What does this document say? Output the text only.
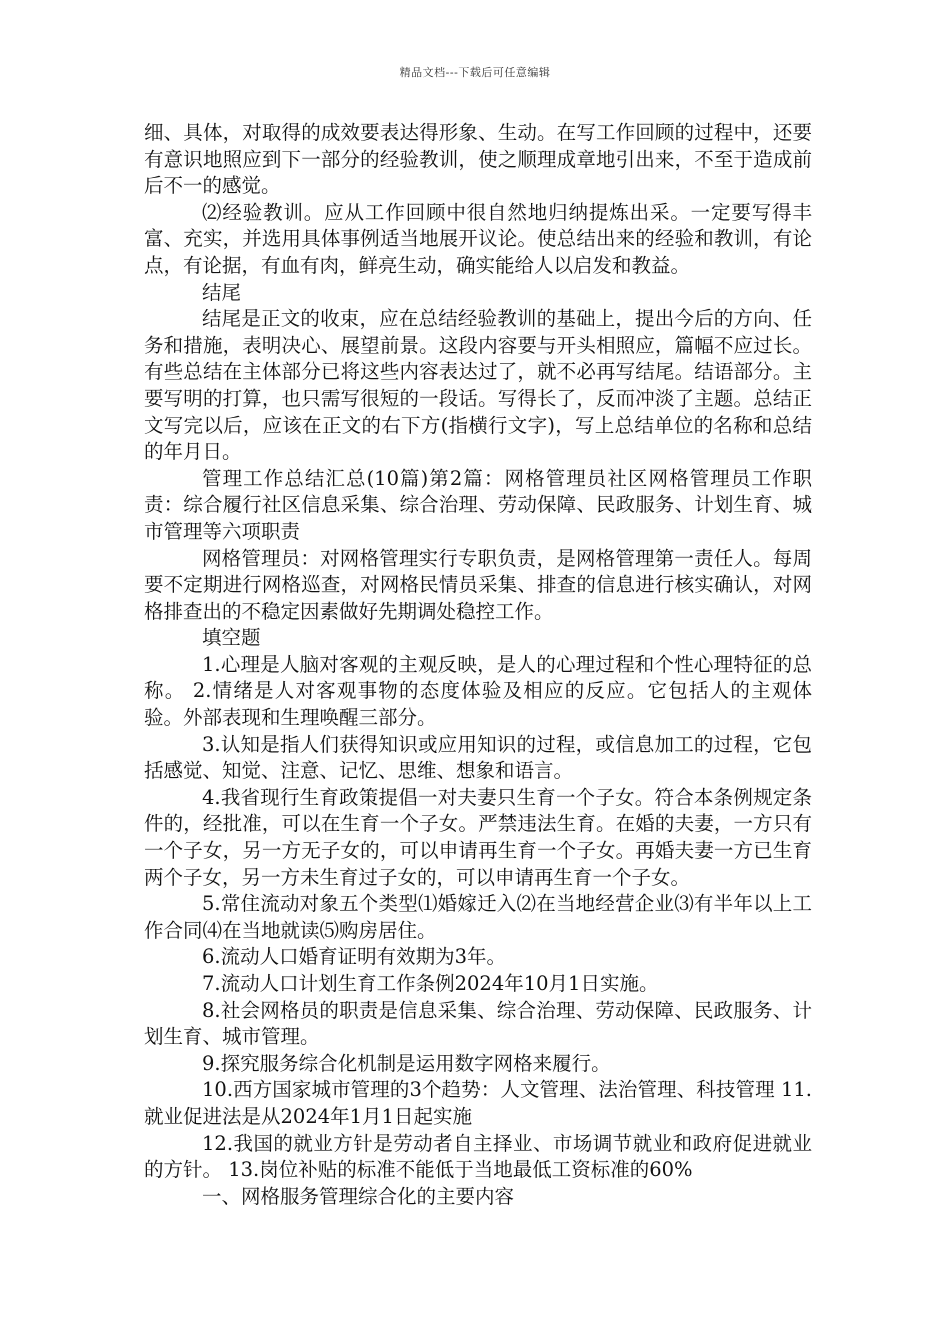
精品文档---下载后可任意编辑

细、具体，对取得的成效要表达得形象、生动。在写工作回顾的过程中，还要有意识地照应到下一部分的经验教训，使之顺理成章地引出来，不至于造成前后不一的感觉。

⑵经验教训。应从工作回顾中很自然地归纳提炼出采。一定要写得丰富、充实，并选用具体事例适当地展开议论。使总结出来的经验和教训，有论点，有论据，有血有肉，鲜亮生动，确实能给人以启发和教益。

结尾

结尾是正文的收束，应在总结经验教训的基础上，提出今后的方向、任务和措施，表明决心、展望前景。这段内容要与开头相照应，篇幅不应过长。有些总结在主体部分已将这些内容表达过了，就不必再写结尾。结语部分。主要写明的打算，也只需写很短的一段话。写得长了，反而冲淡了主题。总结正文写完以后，应该在正文的右下方(指横行文字)，写上总结单位的名称和总结的年月日。

管理工作总结汇总(10篇)第2篇：网格管理员社区网格管理员工作职责：综合履行社区信息采集、综合治理、劳动保障、民政服务、计划生育、城市管理等六项职责

网格管理员：对网格管理实行专职负责，是网格管理第一责任人。每周要不定期进行网格巡查，对网格民情员采集、排查的信息进行核实确认，对网格排查出的不稳定因素做好先期调处稳控工作。

填空题

1.心理是人脑对客观的主观反映，是人的心理过程和个性心理特征的总称。 2.情绪是人对客观事物的态度体验及相应的反应。它包括人的主观体验。外部表现和生理唤醒三部分。

3.认知是指人们获得知识或应用知识的过程，或信息加工的过程，它包括感觉、知觉、注意、记忆、思维、想象和语言。

4.我省现行生育政策提倡一对夫妻只生育一个子女。符合本条例规定条件的，经批准，可以在生育一个子女。严禁违法生育。在婚的夫妻，一方只有一个子女，另一方无子女的，可以申请再生育一个子女。再婚夫妻一方已生育两个子女，另一方未生育过子女的，可以申请再生育一个子女。

5.常住流动对象五个类型⑴婚嫁迁入⑵在当地经营企业⑶有半年以上工作合同⑷在当地就读⑸购房居住。

6.流动人口婚育证明有效期为3年。

7.流动人口计划生育工作条例2024年10月1日实施。

8.社会网格员的职责是信息采集、综合治理、劳动保障、民政服务、计划生育、城市管理。

9.探究服务综合化机制是运用数字网格来履行。

10.西方国家城市管理的3个趋势：人文管理、法治管理、科技管理 11.就业促进法是从2024年1月1日起实施

12.我国的就业方针是劳动者自主择业、市场调节就业和政府促进就业的方针。 13.岗位补贴的标准不能低于当地最低工资标准的60%

一、网格服务管理综合化的主要内容
